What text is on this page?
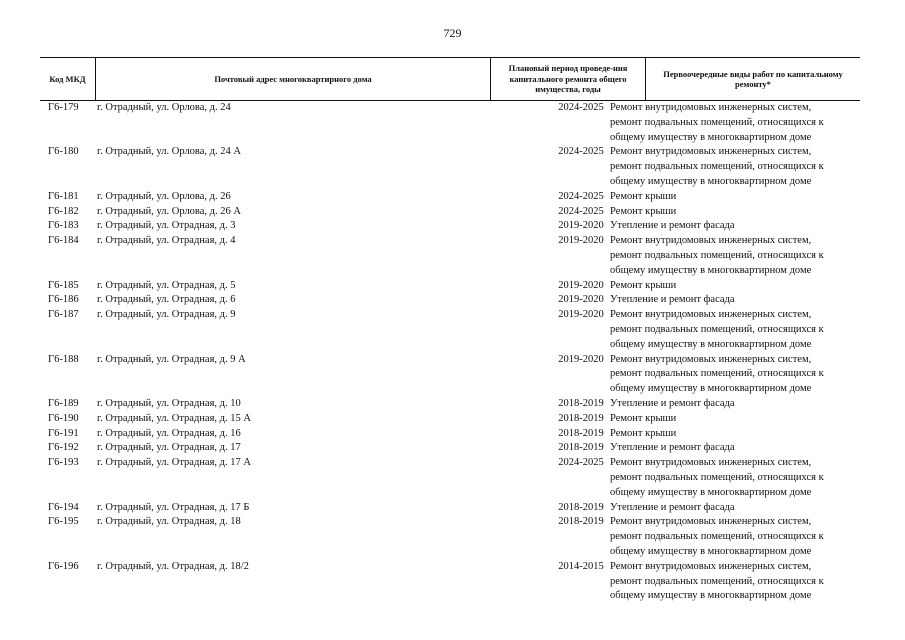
729
Код МКД	Почтовый адрес многоквартирного дома
Плановый период проведе-ния капитального ремонта общего имущества, годы
Первоочередные виды работ по капитальному ремонту*
Г6-179 г. Отрадный, ул. Орлова, д. 24	2024-2025 Ремонт внутридомовых инженерных систем,
ремонт подвальных помещений, относящихся к
общему имуществу в многоквартирном доме
Г6-180 г. Отрадный, ул. Орлова, д. 24 А	2024-2025 Ремонт внутридомовых инженерных систем,
ремонт подвальных помещений, относящихся к
общему имуществу в многоквартирном доме
Г6-181 г. Отрадный, ул. Орлова, д. 26	2024-2025 Ремонт крыши
Г6-182 г. Отрадный, ул. Орлова, д. 26 А	2024-2025 Ремонт крыши
Г6-183 г. Отрадный, ул. Отрадная, д. 3	2019-2020 Утепление и ремонт фасада
Г6-184 г. Отрадный, ул. Отрадная, д. 4	2019-2020 Ремонт внутридомовых инженерных систем,
ремонт подвальных помещений, относящихся к
общему имуществу в многоквартирном доме
Г6-185 г. Отрадный, ул. Отрадная, д. 5	2019-2020 Ремонт крыши
Г6-186 г. Отрадный, ул. Отрадная, д. 6	2019-2020 Утепление и ремонт фасада
Г6-187 г. Отрадный, ул. Отрадная, д. 9	2019-2020 Ремонт внутридомовых инженерных систем,
ремонт подвальных помещений, относящихся к
общему имуществу в многоквартирном доме
Г6-188 г. Отрадный, ул. Отрадная, д. 9 А	2019-2020 Ремонт внутридомовых инженерных систем,
ремонт подвальных помещений, относящихся к
общему имуществу в многоквартирном доме
Г6-189 г. Отрадный, ул. Отрадная, д. 10	2018-2019 Утепление и ремонт фасада
Г6-190 г. Отрадный, ул. Отрадная, д. 15 А	2018-2019 Ремонт крыши
Г6-191 г. Отрадный, ул. Отрадная, д. 16	2018-2019 Ремонт крыши
Г6-192 г. Отрадный, ул. Отрадная, д. 17	2018-2019 Утепление и ремонт фасада
Г6-193 г. Отрадный, ул. Отрадная, д. 17 А	2024-2025 Ремонт внутридомовых инженерных систем,
ремонт подвальных помещений, относящихся к
общему имуществу в многоквартирном доме
Г6-194 г. Отрадный, ул. Отрадная, д. 17 Б	2018-2019 Утепление и ремонт фасада
Г6-195 г. Отрадный, ул. Отрадная, д. 18	2018-2019 Ремонт внутридомовых инженерных систем,
ремонт подвальных помещений, относящихся к
общему имуществу в многоквартирном доме
Г6-196 г. Отрадный, ул. Отрадная, д. 18/2	2014-2015 Ремонт внутридомовых инженерных систем,
ремонт подвальных помещений, относящихся к
общему имуществу в многоквартирном доме
